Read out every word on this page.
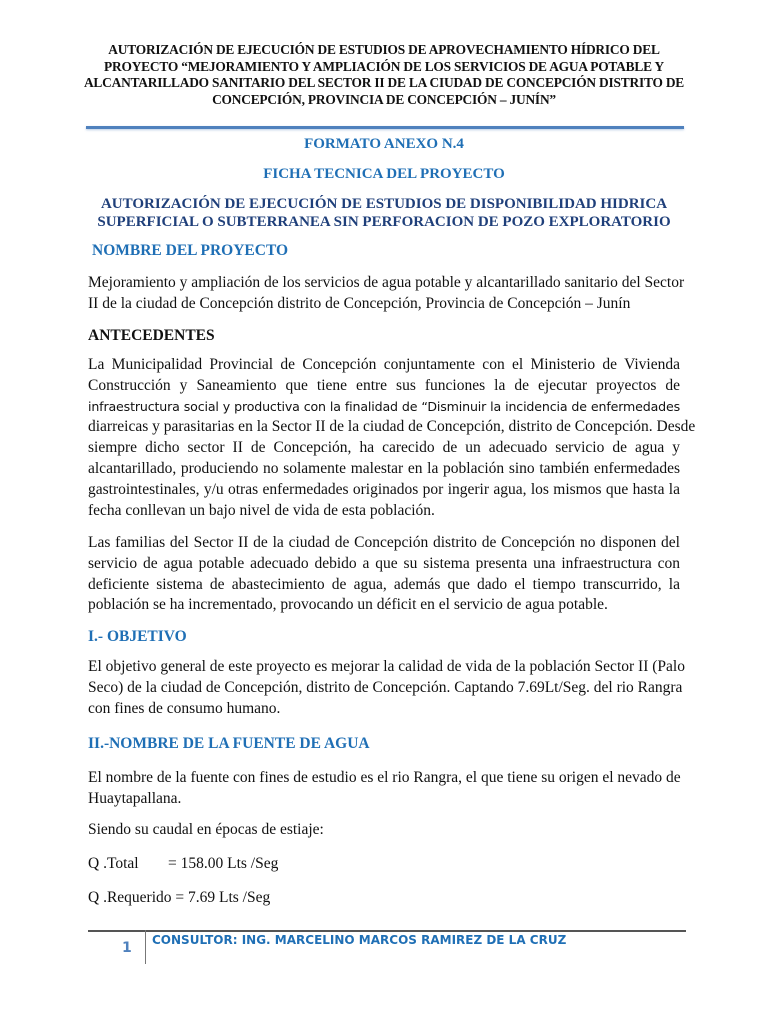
AUTORIZACIÓN DE EJECUCIÓN DE ESTUDIOS DE APROVECHAMIENTO HÍDRICO DEL
PROYECTO “MEJORAMIENTO Y AMPLIACIÓN DE LOS SERVICIOS DE AGUA POTABLE Y
ALCANTARILLADO SANITARIO DEL SECTOR II DE LA CIUDAD DE CONCEPCIÓN DISTRITO DE
CONCEPCIÓN, PROVINCIA DE CONCEPCIÓN – JUNÍN”
FORMATO ANEXO N.4
FICHA TECNICA DEL PROYECTO
AUTORIZACIÓN DE EJECUCIÓN DE ESTUDIOS DE DISPONIBILIDAD HIDRICA
SUPERFICIAL O SUBTERRANEA SIN PERFORACION DE POZO EXPLORATORIO
NOMBRE DEL PROYECTO
Mejoramiento y ampliación de los servicios de agua potable y alcantarillado sanitario del Sector
II de la ciudad de Concepción distrito de Concepción, Provincia de Concepción – Junín
ANTECEDENTES
La Municipalidad Provincial de Concepción conjuntamente con el Ministerio de Vivienda
Construcción y Saneamiento que tiene entre sus funciones la de ejecutar proyectos de
infraestructura social y productiva con la finalidad de “Disminuir la incidencia de enfermedades
diarreicas y parasitarias en la Sector II de la ciudad de Concepción, distrito de Concepción. Desde
siempre dicho sector II de Concepción, ha carecido de un adecuado servicio de agua y
alcantarillado, produciendo no solamente malestar en la población sino también enfermedades
gastrointestinales, y/u otras enfermedades originados por ingerir agua, los mismos que hasta la
fecha conllevan un bajo nivel de vida de esta población.
Las familias del Sector II de la ciudad de Concepción distrito de Concepción no disponen del
servicio de agua potable adecuado debido a que su sistema presenta una infraestructura con
deficiente sistema de abastecimiento de agua, además que dado el tiempo transcurrido, la
población se ha incrementado, provocando un déficit en el servicio de agua potable.
I.- OBJETIVO
El objetivo general de este proyecto es mejorar la calidad de vida de la población Sector II (Palo
Seco) de la ciudad de Concepción, distrito de Concepción. Captando 7.69Lt/Seg. del rio Rangra
con fines de consumo humano.
II.-NOMBRE DE LA FUENTE DE AGUA
El nombre de la fuente con fines de estudio es el rio Rangra, el que tiene su origen el nevado de
Huaytapallana.
Siendo su caudal en épocas de estiaje:
Q .Total = 158.00 Lts /Seg
Q .Requerido = 7.69 Lts /Seg
1 CONSULTOR: ING. MARCELINO MARCOS RAMIREZ DE LA CRUZ
